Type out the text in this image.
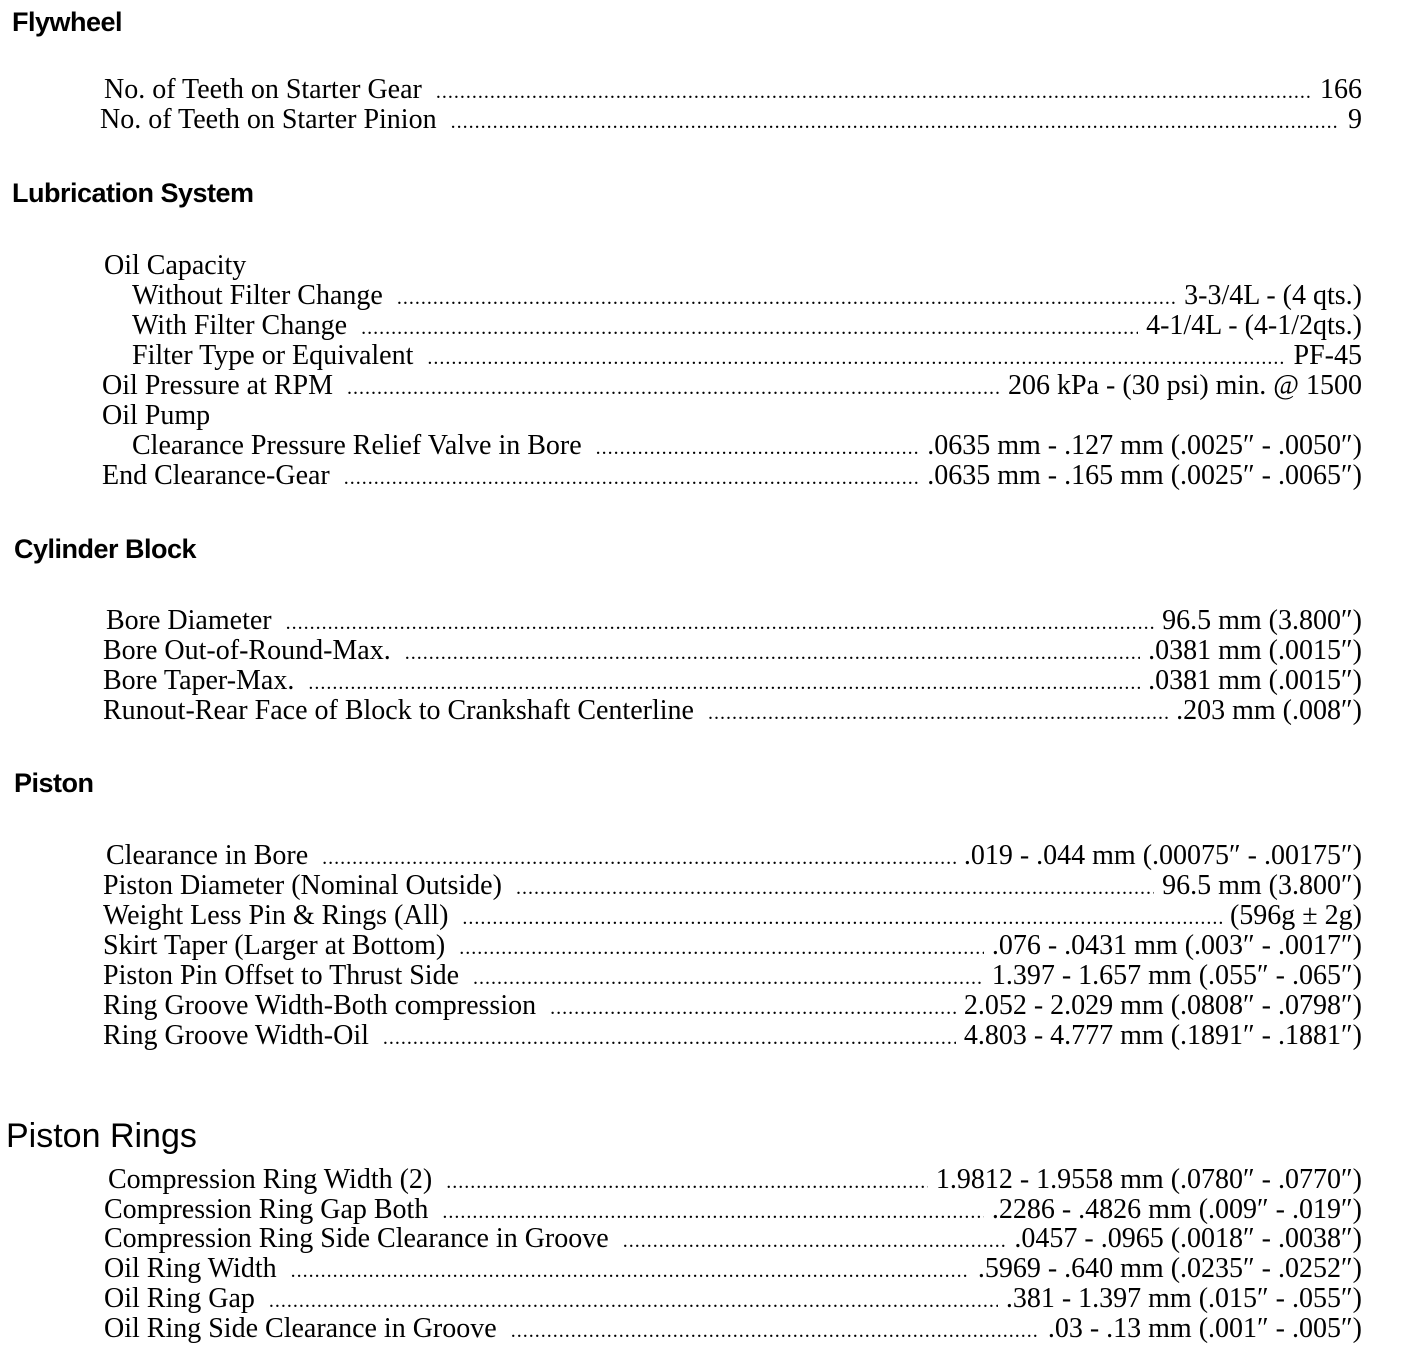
Flywheel
No. of Teeth on Starter Gear .....	166
No. of Teeth on Starter Pinion .....	9
Lubrication System
Oil Capacity
Without Filter Change .....	3-3/4L - (4 qts.)
With Filter Change .....	4-1/4L - (4-1/2qts.)
Filter Type or Equivalent .....	PF-45
Oil Pressure at RPM .....	206 kPa - (30 psi) min. @ 1500
Oil Pump
Clearance Pressure Relief Valve in Bore .....	.0635 mm - .127 mm (.0025″ - .0050″)
End Clearance-Gear .....	.0635 mm - .165 mm (.0025″ - .0065″)
Cylinder Block
Bore Diameter .....	96.5 mm (3.800″)
Bore Out-of-Round-Max. .....	.0381 mm (.0015″)
Bore Taper-Max. .....	.0381 mm (.0015″)
Runout-Rear Face of Block to Crankshaft Centerline .....	.203 mm (.008″)
Piston
Clearance in Bore .....	.019 - .044 mm (.00075″ - .00175″)
Piston Diameter (Nominal Outside) .....	96.5 mm (3.800″)
Weight Less Pin & Rings (All) .....	(596g ± 2g)
Skirt Taper (Larger at Bottom) .....	.076 - .0431 mm (.003″ - .0017″)
Piston Pin Offset to Thrust Side .....	1.397 - 1.657 mm (.055″ - .065″)
Ring Groove Width-Both compression .....	2.052 - 2.029 mm (.0808″ - .0798″)
Ring Groove Width-Oil .....	4.803 - 4.777 mm (.1891″ - .1881″)
Piston Rings
Compression Ring Width (2) .....	1.9812 - 1.9558 mm (.0780″ - .0770″)
Compression Ring Gap Both .....	.2286 - .4826 mm (.009″ - .019″)
Compression Ring Side Clearance in Groove .....	.0457 - .0965 (.0018″ - .0038″)
Oil Ring Width .....	.5969 - .640 mm (.0235″ - .0252″)
Oil Ring Gap .....	.381 - 1.397 mm (.015″ - .055″)
Oil Ring Side Clearance in Groove .....	.03 - .13 mm (.001″ - .005″)
